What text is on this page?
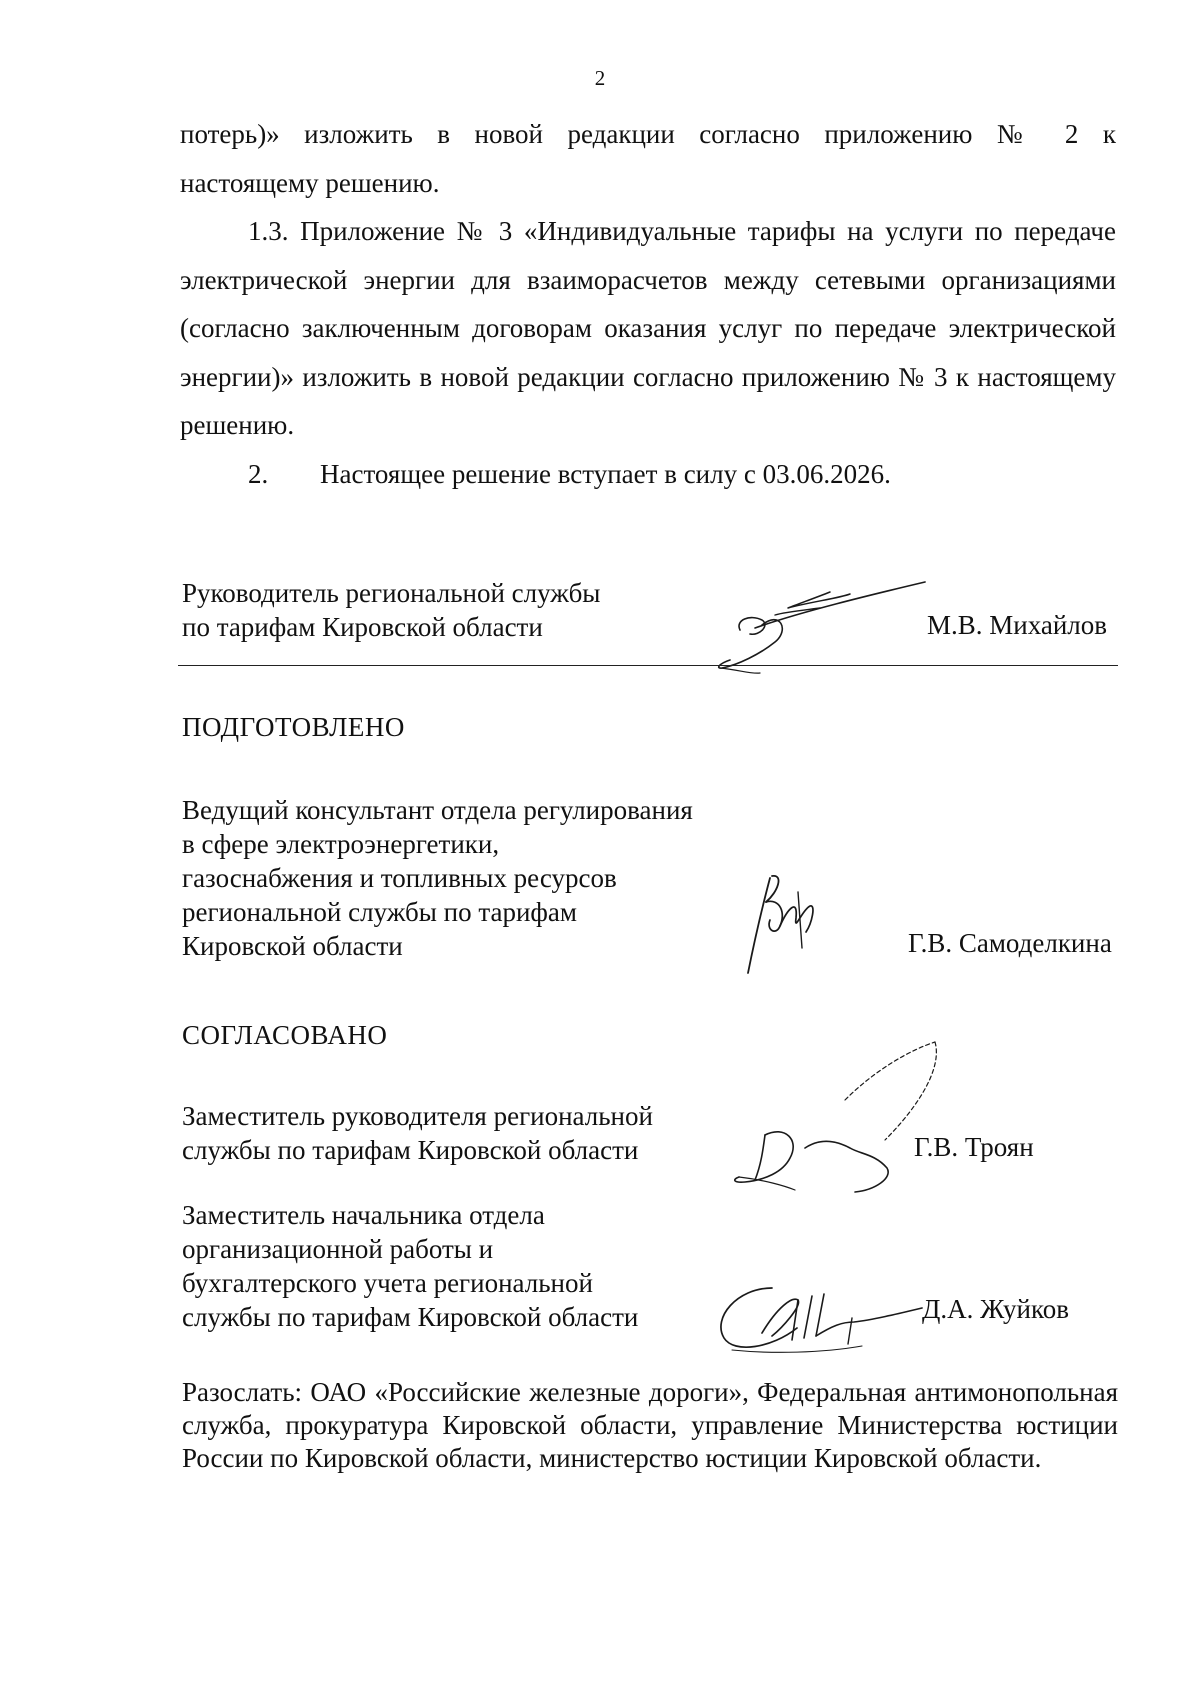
2

потерь)» изложить в новой редакции согласно приложению № 2 к

настоящему решению.

1.3. Приложение № 3 «Индивидуальные тарифы на услуги по передаче электрической энергии для взаиморасчетов между сетевыми организациями (согласно заключенным договорам оказания услуг по передаче электрической энергии)» изложить в новой редакции согласно приложению № 3 к настоящему решению.

2. Настоящее решение вступает в силу с 03.06.2026.

Руководитель региональной службы
по тарифам Кировской области	М.В. Михайлов
ПОДГОТОВЛЕНО
Ведущий консультант отдела регулирования
в сфере электроэнергетики,
газоснабжения и топливных ресурсов
региональной службы по тарифам
Кировской области	Г.В. Самоделкина
СОГЛАСОВАНО
Заместитель руководителя региональной
службы по тарифам Кировской области	Г.В. Троян
Заместитель начальника отдела
организационной работы и
бухгалтерского учета региональной
службы по тарифам Кировской области	Д.А. Жуйков
Разослать: ОАО «Российские железные дороги», Федеральная антимонопольная служба, прокуратура Кировской области, управление Министерства юстиции России по Кировской области, министерство юстиции Кировской области.
